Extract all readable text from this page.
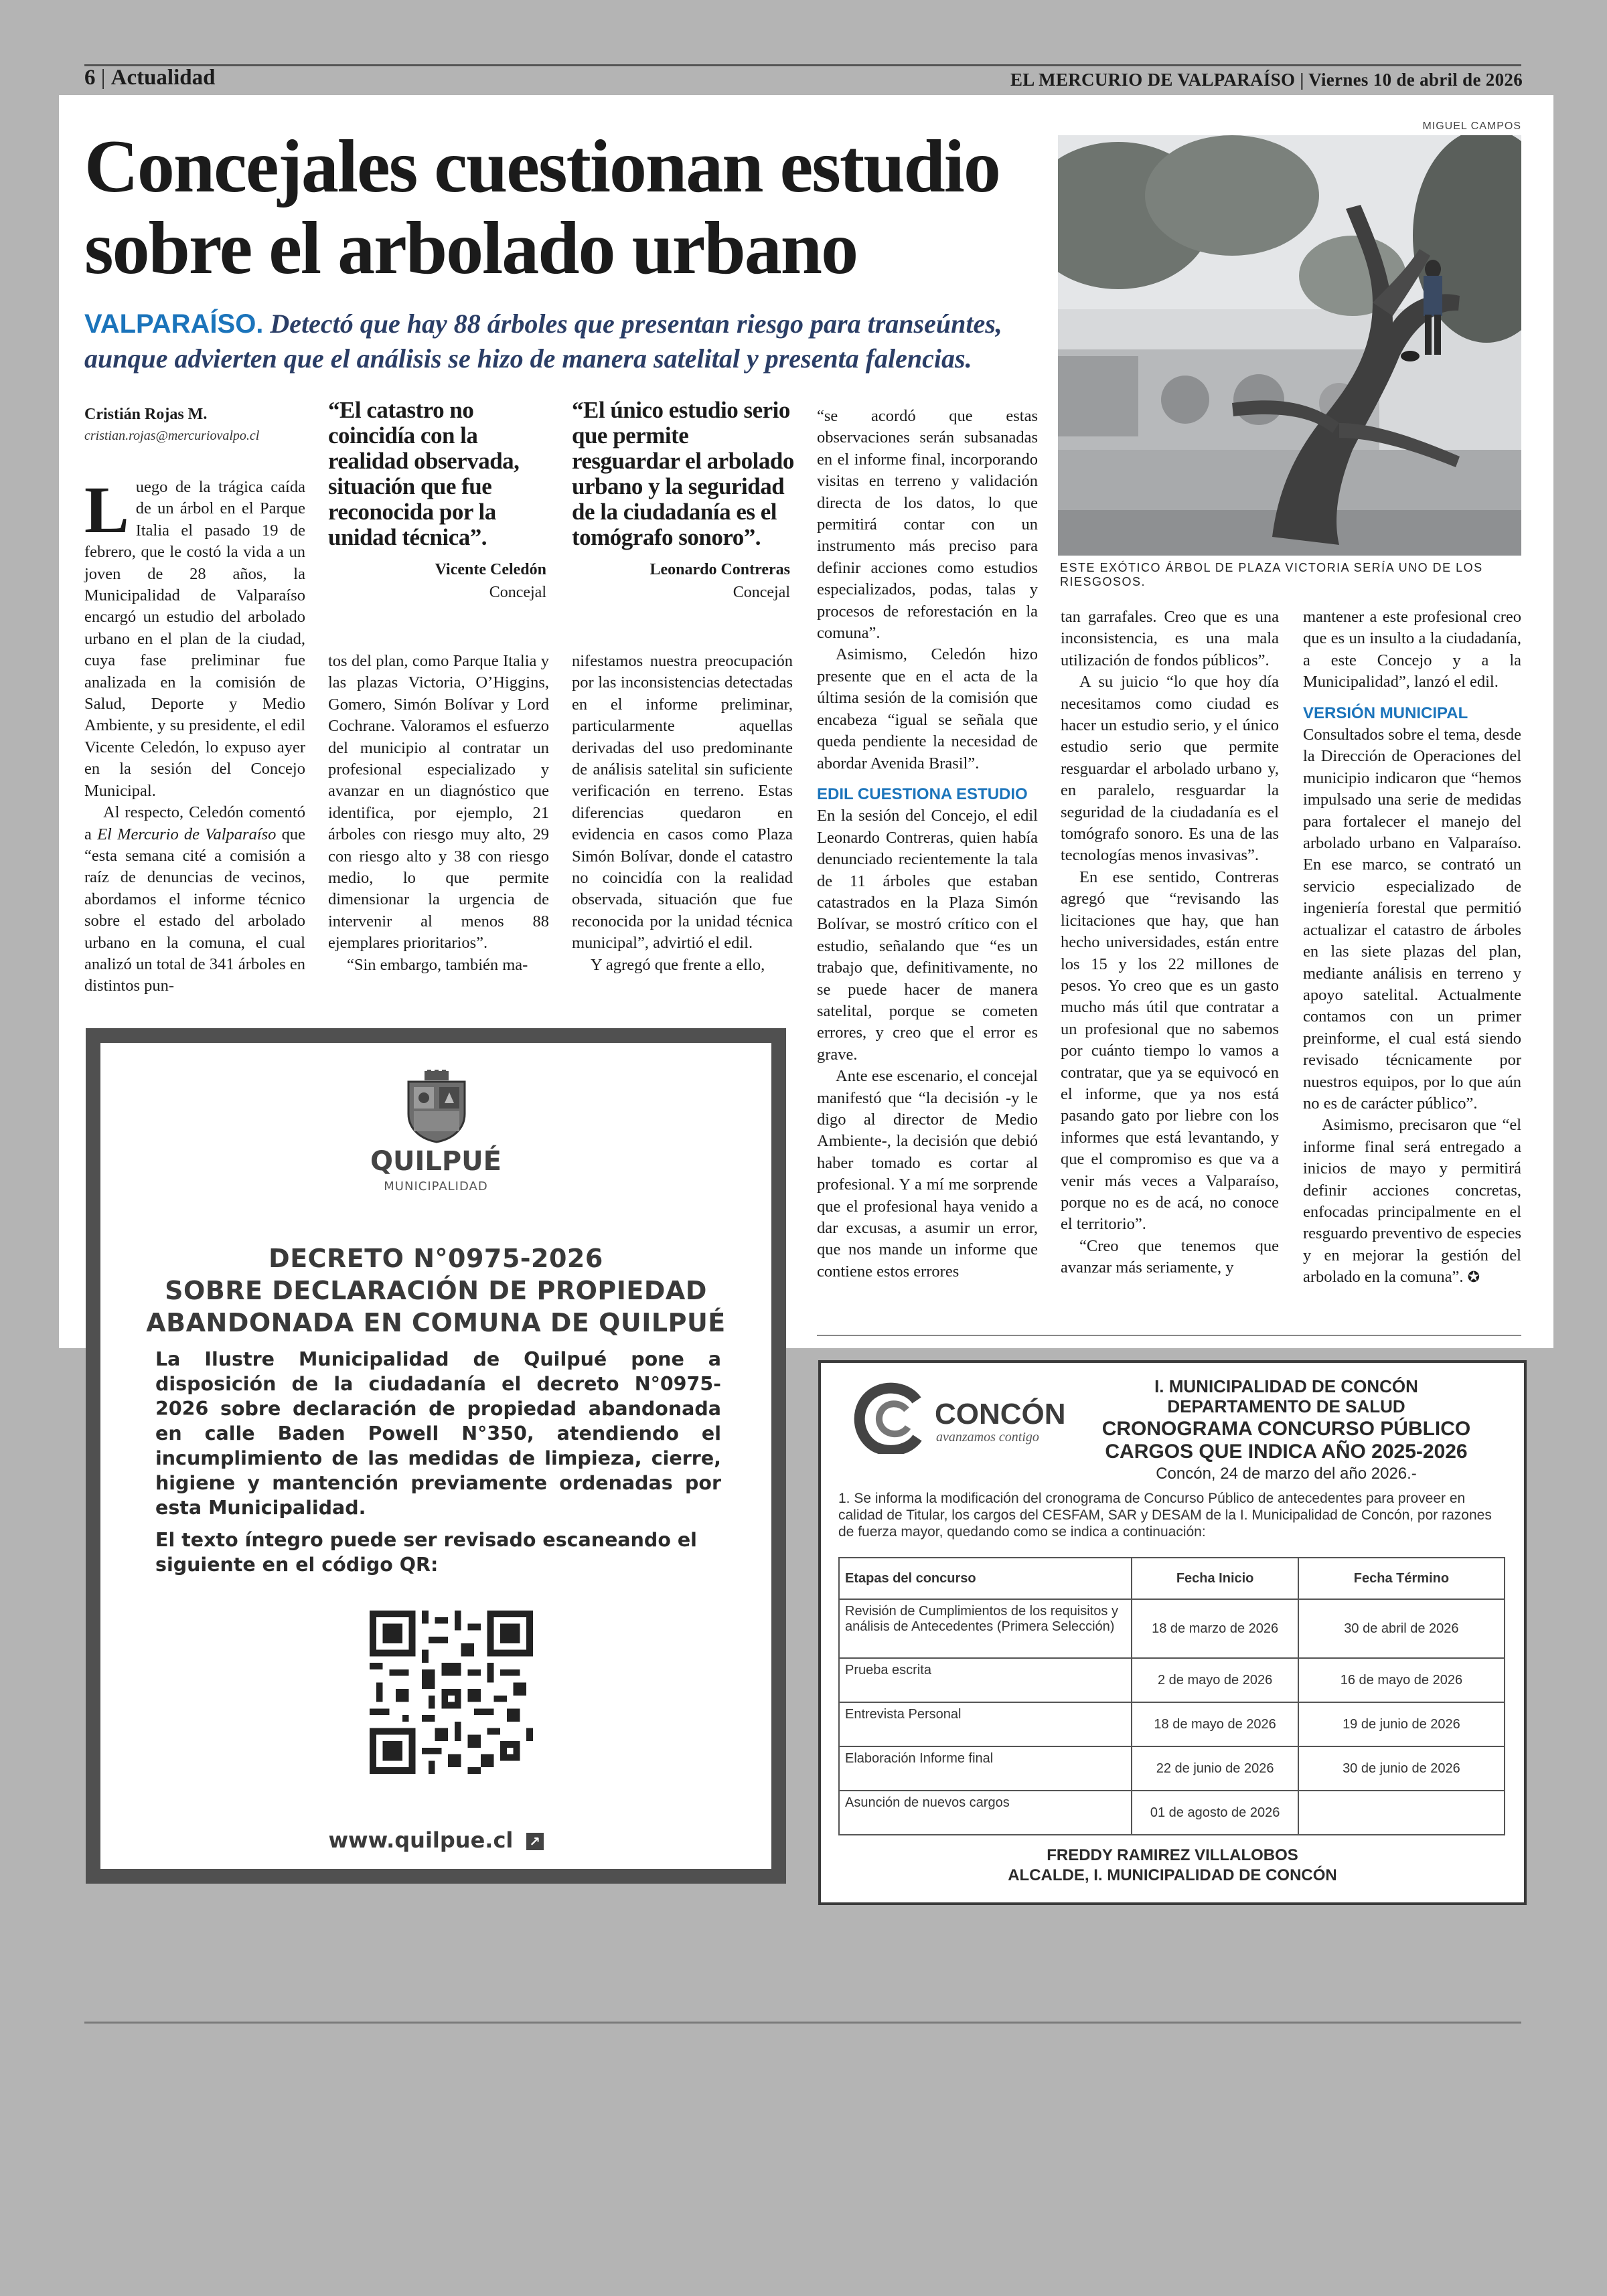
6 | Actualidad	EL MERCURIO DE VALPARAÍSO | Viernes 10 de abril de 2026
Concejales cuestionan estudio
sobre el arbolado urbano
VALPARAÍSO. Detectó que hay 88 árboles que presentan riesgo para transeúntes, aunque advierten que el análisis se hizo de manera satelital y presenta falencias.
MIGUEL CAMPOS
ESTE EXÓTICO ÁRBOL DE PLAZA VICTORIA SERÍA UNO DE LOS RIESGOSOS.
Cristián Rojas M.
cristian.rojas@mercuriovalpo.cl

Luego de la trágica caída de un árbol en el Parque Italia el pasado 19 de febrero, que le costó la vida a un joven de 28 años, la Municipalidad de Valparaíso encargó un estudio del arbolado urbano en el plan de la ciudad, cuya fase preliminar fue analizada en la comisión de Salud, Deporte y Medio Ambiente, y su presidente, el edil Vicente Celedón, lo expuso ayer en la sesión del Concejo Municipal.

Al respecto, Celedón comentó a El Mercurio de Valparaíso que “esta semana cité a comisión a raíz de denuncias de vecinos, abordamos el informe técnico sobre el estado del arbolado urbano en la comuna, el cual analizó un total de 341 árboles en distintos pun-

“El catastro no coincidía con la realidad observada, situación que fue reconocida por la unidad técnica”.
Vicente Celedón
Concejal

tos del plan, como Parque Italia y las plazas Victoria, O’Higgins, Gomero, Simón Bolívar y Lord Cochrane. Valoramos el esfuerzo del municipio al contratar un profesional especializado y avanzar en un diagnóstico que identifica, por ejemplo, 21 árboles con riesgo muy alto, 29 con riesgo alto y 38 con riesgo medio, lo que permite dimensionar la urgencia de intervenir al menos 88 ejemplares prioritarios”.

“Sin embargo, también ma-

“El único estudio serio que permite resguardar el arbolado urbano y la seguridad de la ciudadanía es el tomógrafo sonoro”.
Leonardo Contreras
Concejal

nifestamos nuestra preocupación por las inconsistencias detectadas en el informe preliminar, particularmente aquellas derivadas del uso predominante de análisis satelital sin suficiente verificación en terreno. Estas diferencias quedaron en evidencia en casos como Plaza Simón Bolívar, donde el catastro no coincidía con la realidad observada, situación que fue reconocida por la unidad técnica municipal”, advirtió el edil.

Y agregó que frente a ello,

“se acordó que estas observaciones serán subsanadas en el informe final, incorporando visitas en terreno y validación directa de los datos, lo que permitirá contar con un instrumento más preciso para definir acciones como estudios especializados, podas, talas y procesos de reforestación en la comuna”.

Asimismo, Celedón hizo presente que en el acta de la última sesión de la comisión que encabeza “igual se señala que queda pendiente la necesidad de abordar Avenida Brasil”.

EDIL CUESTIONA ESTUDIO

En la sesión del Concejo, el edil Leonardo Contreras, quien había denunciado recientemente la tala de 11 árboles que estaban catastrados en la Plaza Simón Bolívar, se mostró crítico con el estudio, señalando que “es un trabajo que, definitivamente, no se puede hacer de manera satelital, porque se cometen errores, y creo que el error es grave.

Ante ese escenario, el concejal manifestó que “la decisión -y le digo al director de Medio Ambiente-, la decisión que debió haber tomado es cortar al profesional. Y a mí me sorprende que el profesional haya venido a dar excusas, a asumir un error, que nos mande un informe que contiene estos errores

tan garrafales. Creo que es una inconsistencia, es una mala utilización de fondos públicos”.

A su juicio “lo que hoy día necesitamos como ciudad es hacer un estudio serio, y el único estudio serio que permite resguardar el arbolado urbano y, en paralelo, resguardar la seguridad de la ciudadanía es el tomógrafo sonoro. Es una de las tecnologías menos invasivas”.

En ese sentido, Contreras agregó que “revisando las licitaciones que hay, que han hecho universidades, están entre los 15 y los 22 millones de pesos. Yo creo que es un gasto mucho más útil que contratar a un profesional que no sabemos por cuánto tiempo lo vamos a contratar, que ya se equivocó en el informe, que ya nos está pasando gato por liebre con los informes que está levantando, y que el compromiso es que va a venir más veces a Valparaíso, porque no es de acá, no conoce el territorio”.

“Creo que tenemos que avanzar más seriamente, y

mantener a este profesional creo que es un insulto a la ciudadanía, a este Concejo y a la Municipalidad”, lanzó el edil.

VERSIÓN MUNICIPAL

Consultados sobre el tema, desde la Dirección de Operaciones del municipio indicaron que “hemos impulsado una serie de medidas para fortalecer el manejo del arbolado urbano en Valparaíso. En ese marco, se contrató un servicio especializado de ingeniería forestal que permitió actualizar el catastro de árboles en las siete plazas del plan, mediante análisis en terreno y apoyo satelital. Actualmente contamos con un primer preinforme, el cual está siendo revisado técnicamente por nuestros equipos, por lo que aún no es de carácter público”.

Asimismo, precisaron que “el informe final será entregado a inicios de mayo y permitirá definir acciones concretas, enfocadas principalmente en el resguardo preventivo de especies y en mejorar la gestión del arbolado en la comuna”. ✪

QUILPUÉ
MUNICIPALIDAD
DECRETO N°0975-2026
SOBRE DECLARACIÓN DE PROPIEDAD
ABANDONADA EN COMUNA DE QUILPUÉ
La Ilustre Municipalidad de Quilpué pone a disposición de la ciudadanía el decreto N°0975-2026 sobre declaración de propiedad abandonada en calle Baden Powell N°350, atendiendo el incumplimiento de las medidas de limpieza, cierre, higiene y mantención previamente ordenadas por esta Municipalidad.
El texto íntegro puede ser revisado escaneando el siguiente en el código QR:
www.quilpue.cl ↗
CONCÓN
avanzamos contigo
I. MUNICIPALIDAD DE CONCÓN
DEPARTAMENTO DE SALUD
CRONOGRAMA CONCURSO PÚBLICO
CARGOS QUE INDICA AÑO 2025-2026
Concón, 24 de marzo del año 2026.-
1. Se informa la modificación del cronograma de Concurso Público de antecedentes para proveer en calidad de Titular, los cargos del CESFAM, SAR y DESAM de la I. Municipalidad de Concón, por razones de fuerza mayor, quedando como se indica a continuación:
Etapas del concurso	Fecha Inicio	Fecha Término
Revisión de Cumplimientos de los requisitos y análisis de Antecedentes (Primera Selección)	18 de marzo de 2026	30 de abril de 2026
Prueba escrita	2 de mayo de 2026	16 de mayo de 2026
Entrevista Personal	18 de mayo de 2026	19 de junio de 2026
Elaboración Informe final	22 de junio de 2026	30 de junio de 2026
Asunción de nuevos cargos	01 de agosto de 2026	
FREDDY RAMIREZ VILLALOBOS
ALCALDE, I. MUNICIPALIDAD DE CONCÓN
